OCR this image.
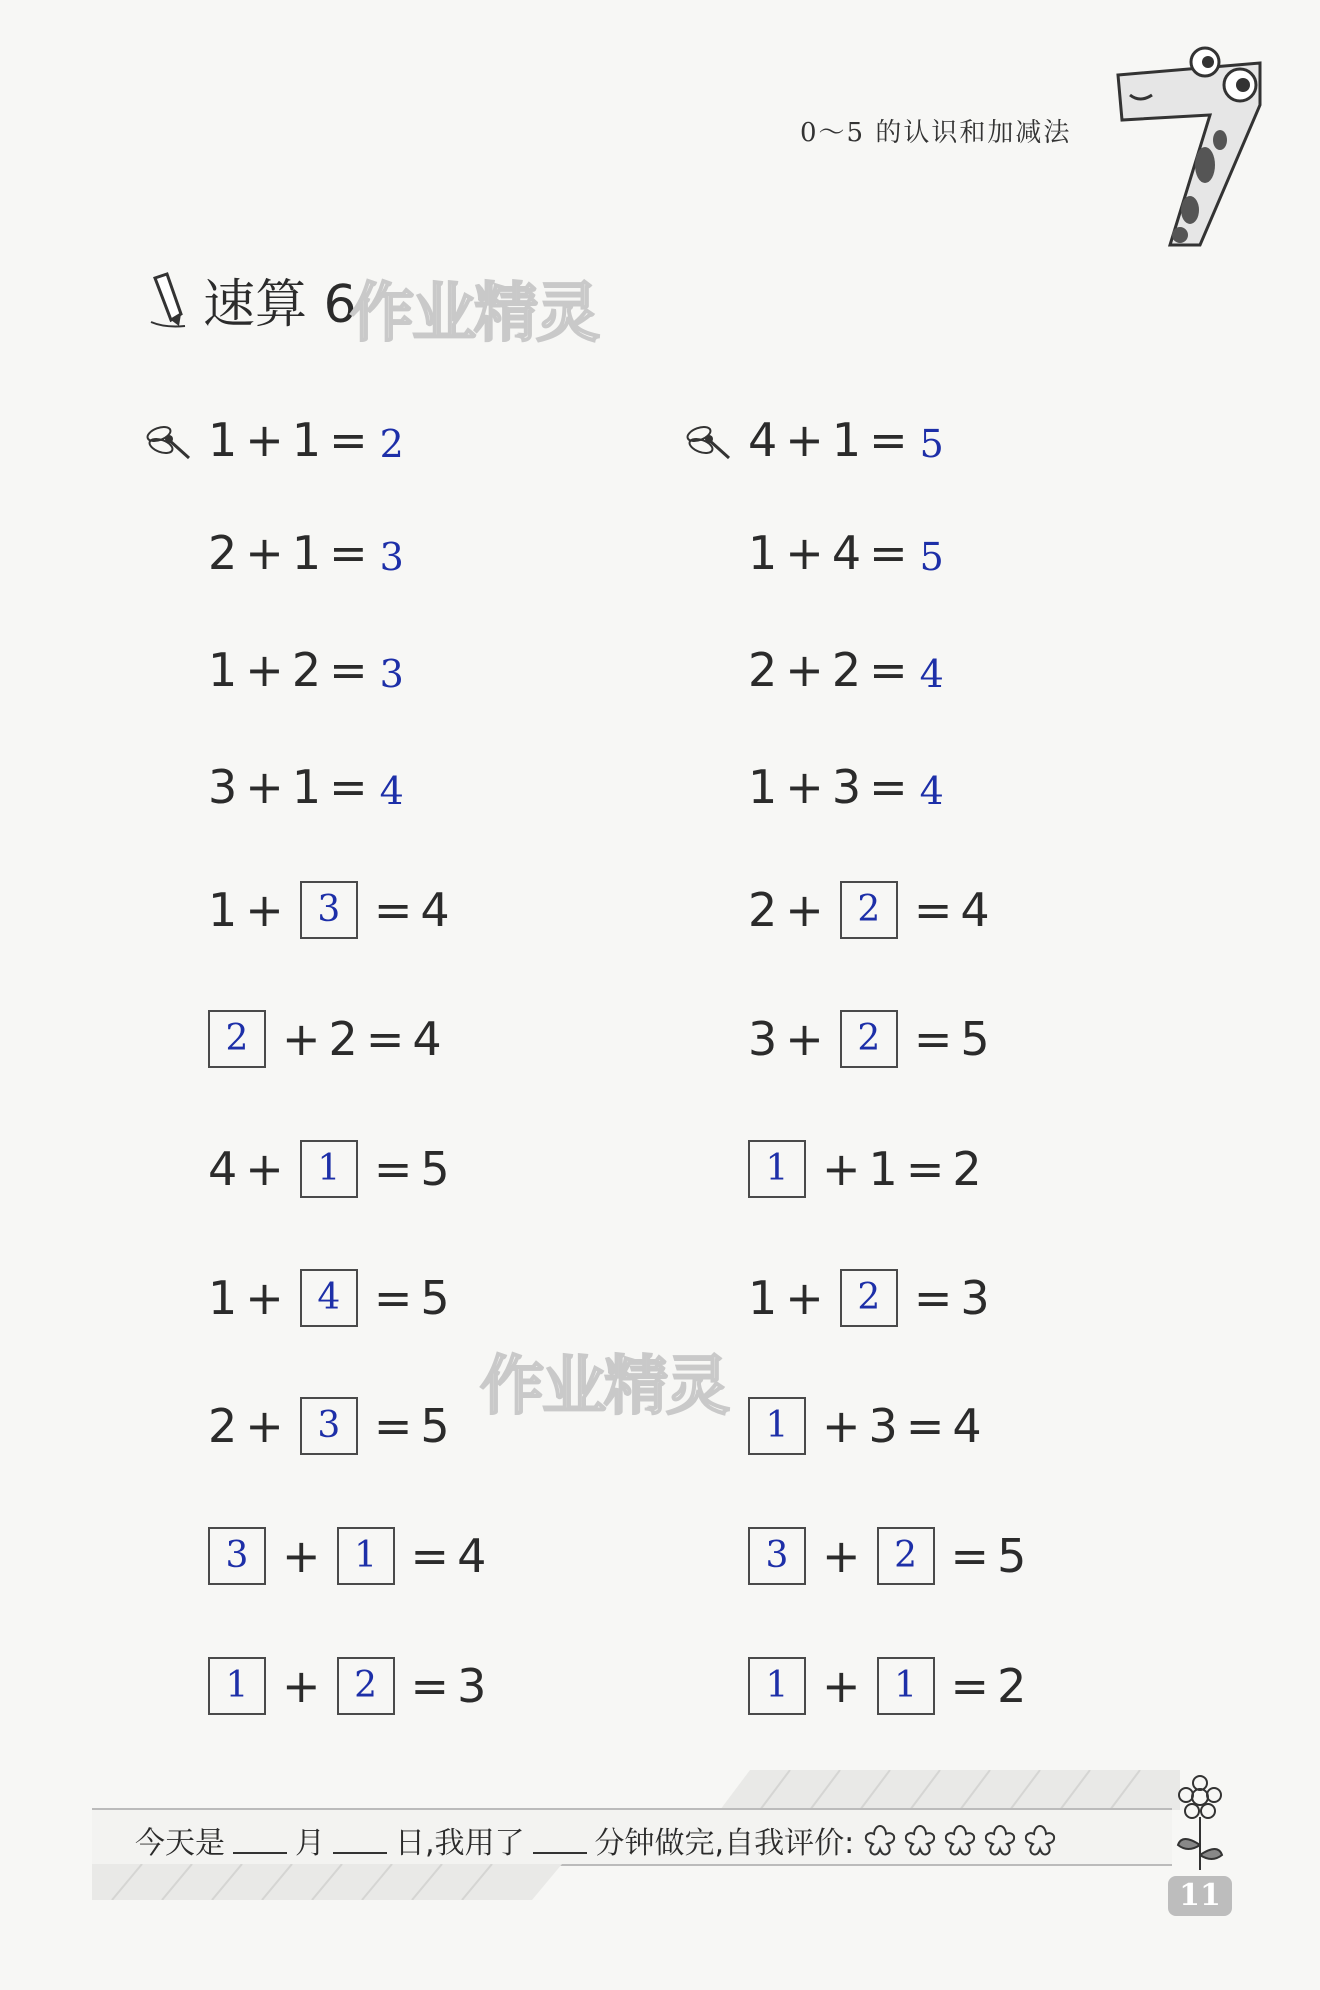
0～5 的认识和加减法
速算 6
作业精灵
作业精灵
1 + 1 = 2
2 + 1 = 3
1 + 2 = 3
3 + 1 = 4
1 + 3 = 4
2 + 2 = 4
4 + 1 = 5
1 + 4 = 5
2 + 3 = 5
3 + 1 = 4
1 + 2 = 3
4 + 1 = 5
1 + 4 = 5
2 + 2 = 4
1 + 3 = 4
2 + 2 = 4
3 + 2 = 5
1 + 1 = 2
1 + 2 = 3
1 + 3 = 4
3 + 2 = 5
1 + 1 = 2
今天是 月 日,我用了 分钟做完,自我评价:
11
